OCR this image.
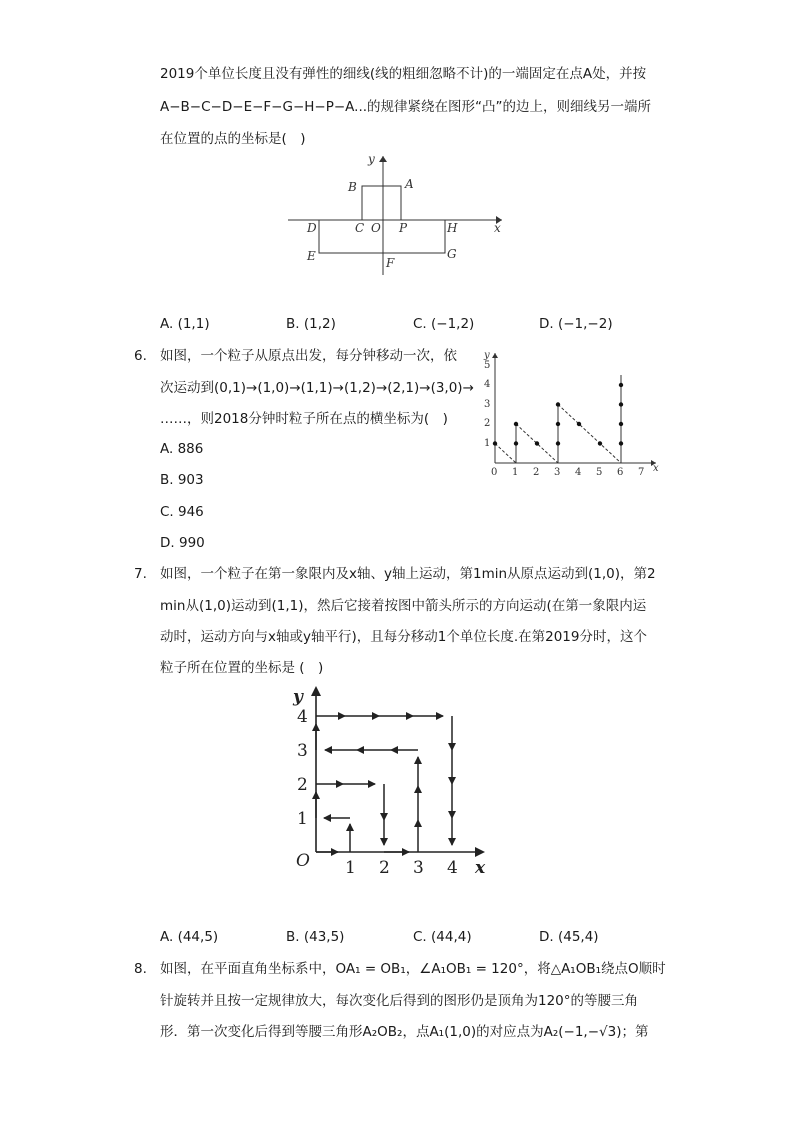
2019个单位长度且没有弹性的细线(线的粗细忽略不计)的一端固定在点A处，并按
A−B−C−D−E−F−G−H−P−A...的规律紧绕在图形“凸”的边上，则细线另一端所
在位置的点的坐标是(　)
y
x
B	A
C O P
D	H
E	F
G
A. (1,1)	B. (1,2)	C. (−1,2)	D. (−1,−2)
6. 如图，一个粒子从原点出发，每分钟移动一次，依
次运动到(0,1)→(1,0)→(1,1)→(1,2)→(2,1)→(3,0)→
……，则2018分钟时粒子所在点的横坐标为(　)
A. 886
B. 903
C. 946
D. 990
y
x
1
2
3
4
5
0 1 2 3 4 5 6 7
7. 如图，一个粒子在第一象限内及x轴、y轴上运动，第1min从原点运动到(1,0)，第2
min从(1,0)运动到(1,1)，然后它接着按图中箭头所示的方向运动(在第一象限内运
动时，运动方向与x轴或y轴平行)，且每分移动1个单位长度.在第2019分时，这个
粒子所在位置的坐标是 (　)
y
x
O
1
2
3
4
1 2 3 4
A. (44,5)	B. (43,5)	C. (44,4)	D. (45,4)
8. 如图，在平面直角坐标系中，OA₁ = OB₁，∠A₁OB₁ = 120°，将△A₁OB₁绕点O顺时
针旋转并且按一定规律放大，每次变化后得到的图形仍是顶角为120°的等腰三角
形．第一次变化后得到等腰三角形A₂OB₂，点A₁(1,0)的对应点为A₂(−1,−√3)；第
